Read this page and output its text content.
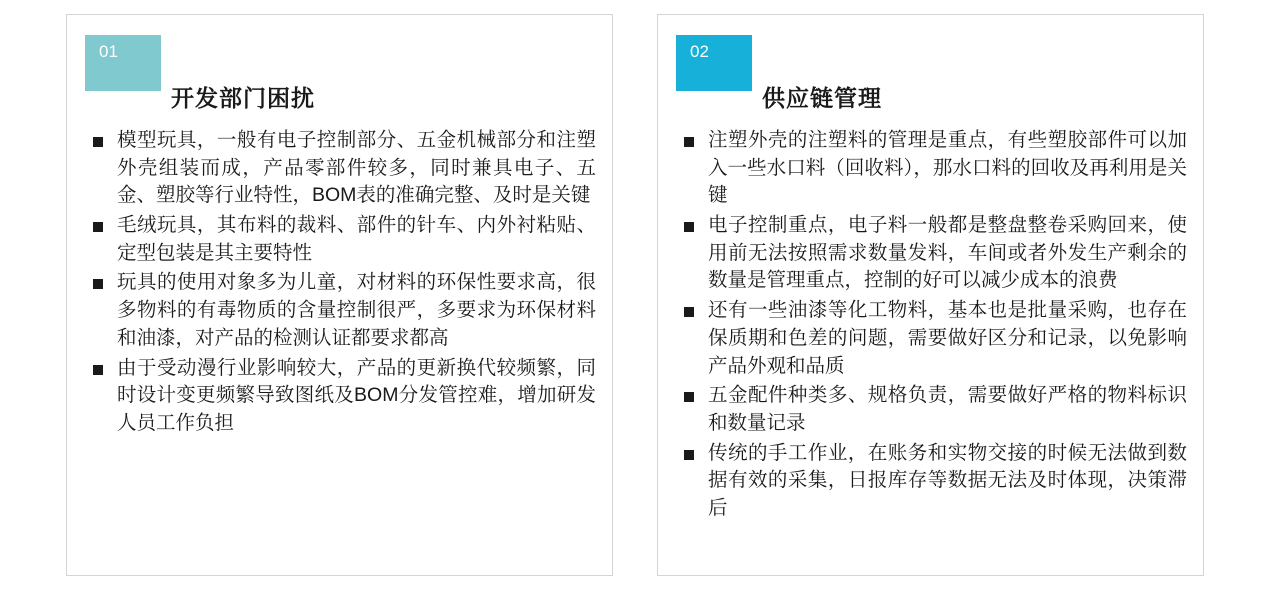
01
开发部门困扰
模型玩具，一般有电子控制部分、五金机械部分和注塑外壳组装而成，产品零部件较多，同时兼具电子、五金、塑胶等行业特性，BOM表的准确完整、及时是关键
毛绒玩具，其布料的裁料、部件的针车、内外衬粘贴、定型包装是其主要特性
玩具的使用对象多为儿童，对材料的环保性要求高，很多物料的有毒物质的含量控制很严，多要求为环保材料和油漆，对产品的检测认证都要求都高
由于受动漫行业影响较大，产品的更新换代较频繁，同时设计变更频繁导致图纸及BOM分发管控难，增加研发人员工作负担
02
供应链管理
注塑外壳的注塑料的管理是重点，有些塑胶部件可以加入一些水口料（回收料），那水口料的回收及再利用是关键
电子控制重点，电子料一般都是整盘整卷采购回来，使用前无法按照需求数量发料，车间或者外发生产剩余的数量是管理重点，控制的好可以减少成本的浪费
还有一些油漆等化工物料，基本也是批量采购，也存在保质期和色差的问题，需要做好区分和记录，以免影响产品外观和品质
五金配件种类多、规格负责，需要做好严格的物料标识和数量记录
传统的手工作业，在账务和实物交接的时候无法做到数据有效的采集，日报库存等数据无法及时体现，决策滞后
